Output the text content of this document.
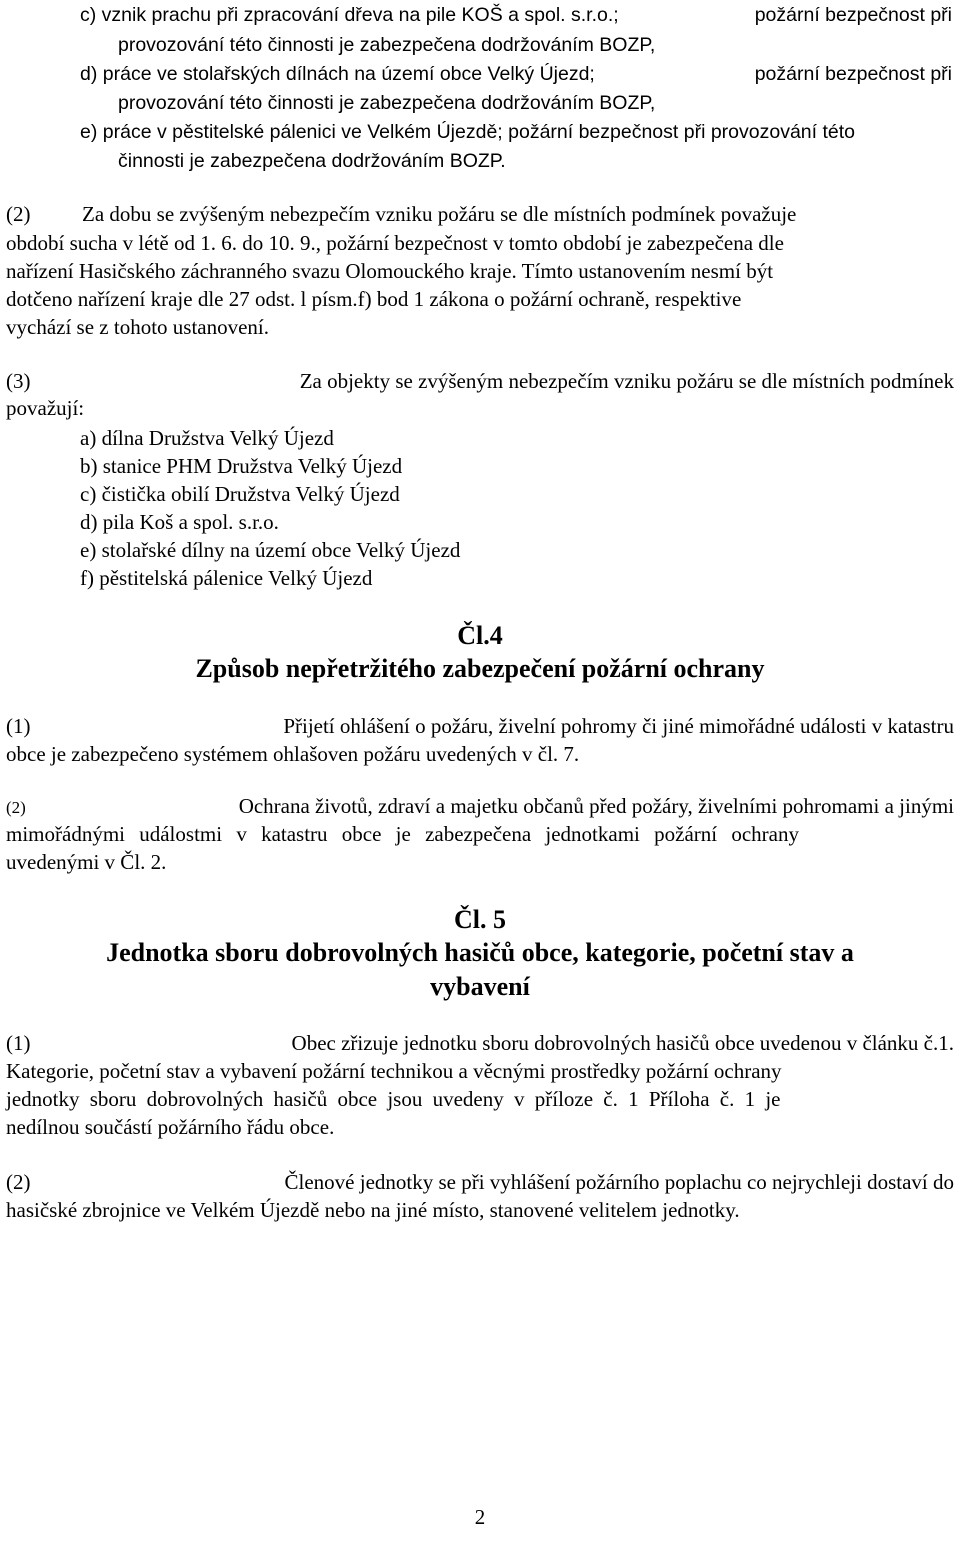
c) vznik prachu při zpracování dřeva na pile KOŠ a spol. s.r.o.;	požární bezpečnost při
provozování této činnosti je zabezpečena dodržováním BOZP,
d) práce ve stolařských dílnách na území obce Velký Újezd;	požární bezpečnost při
provozování této činnosti je zabezpečena dodržováním BOZP,
e) práce v pěstitelské pálenici ve Velkém Újezdě; požární bezpečnost při provozování této
činnosti je zabezpečena dodržováním BOZP.
(2) Za dobu se zvýšeným nebezpečím vzniku požáru se dle místních podmínek považuje
období sucha v létě od 1. 6. do 10. 9., požární bezpečnost v tomto období je zabezpečena dle
nařízení Hasičského záchranného svazu Olomouckého kraje. Tímto ustanovením nesmí být
dotčeno nařízení kraje dle 27 odst. l písm.f) bod 1 zákona o požární ochraně, respektive
vychází se z tohoto ustanovení.
(3)	Za objekty se zvýšeným nebezpečím vzniku požáru se dle místních podmínek
považují:
a) dílna Družstva Velký Újezd
b) stanice PHM Družstva Velký Újezd
c) čistička obilí Družstva Velký Újezd
d) pila Koš a spol. s.r.o.
e) stolařské dílny na území obce Velký Újezd
f) pěstitelská pálenice Velký Újezd
Čl.4
Způsob nepřetržitého zabezpečení požární ochrany
(1)	Přijetí ohlášení o požáru, živelní pohromy či jiné mimořádné události v katastru
obce je zabezpečeno systémem ohlašoven požáru uvedených v čl. 7.
(2)	Ochrana životů, zdraví a majetku občanů před požáry, živelními pohromami a jinými
mimořádnými událostmi v katastru obce je zabezpečena jednotkami požární ochrany
uvedenými v Čl. 2.
Čl. 5
Jednotka sboru dobrovolných hasičů obce, kategorie, početní stav a
vybavení
(1)	Obec zřizuje jednotku sboru dobrovolných hasičů obce uvedenou v článku č.1.
Kategorie, početní stav a vybavení požární technikou a věcnými prostředky požární ochrany
jednotky sboru dobrovolných hasičů obce jsou uvedeny v příloze č. 1 Příloha č. 1 je
nedílnou součástí požárního řádu obce.
(2)	Členové jednotky se při vyhlášení požárního poplachu co nejrychleji dostaví do
hasičské zbrojnice ve Velkém Újezdě nebo na jiné místo, stanovené velitelem jednotky.
2
